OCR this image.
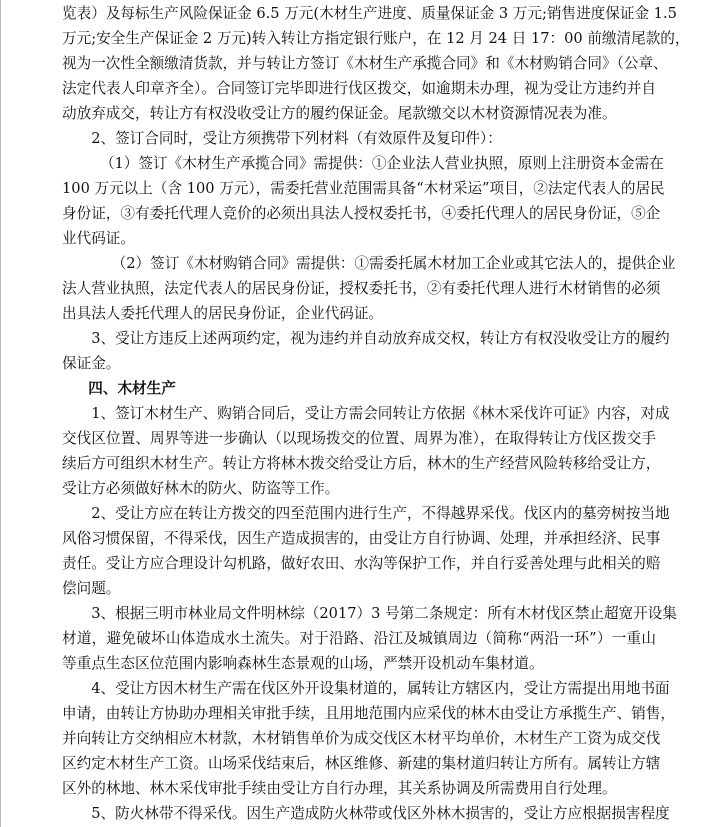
览表）及每标生产风险保证金 6.5 万元(木材生产进度、质量保证金 3 万元;销售进度保证金 1.5
万元;安全生产保证金 2 万元)转入转让方指定银行账户，在 12 月 24 日 17：00 前缴清尾款的，
视为一次性全额缴清货款，并与转让方签订《木材生产承揽合同》和《木材购销合同》（公章、
法定代表人印章齐全）。合同签订完毕即进行伐区拨交，如逾期未办理，视为受让方违约并自
动放弃成交，转让方有权没收受让方的履约保证金。尾款缴交以木材资源情况表为准。
2、签订合同时，受让方须携带下列材料（有效原件及复印件）：
（1）签订《木材生产承揽合同》需提供：①企业法人营业执照，原则上注册资本金需在
100 万元以上（含 100 万元），需委托营业范围需具备“木材采运”项目，②法定代表人的居民
身份证，③有委托代理人竞价的必须出具法人授权委托书，④委托代理人的居民身份证，⑤企
业代码证。
（2）签订《木材购销合同》需提供：①需委托属木材加工企业或其它法人的，提供企业
法人营业执照，法定代表人的居民身份证，授权委托书，②有委托代理人进行木材销售的必须
出具法人委托代理人的居民身份证，企业代码证。
3、受让方违反上述两项约定，视为违约并自动放弃成交权，转让方有权没收受让方的履约
保证金。
四、木材生产
1、签订木材生产、购销合同后，受让方需会同转让方依据《林木采伐许可证》内容，对成
交伐区位置、周界等进一步确认（以现场拨交的位置、周界为准），在取得转让方伐区拨交手
续后方可组织木材生产。转让方将林木拨交给受让方后，林木的生产经营风险转移给受让方，
受让方必须做好林木的防火、防盗等工作。
2、受让方应在转让方拨交的四至范围内进行生产，不得越界采伐。伐区内的墓旁树按当地
风俗习惯保留，不得采伐，因生产造成损害的，由受让方自行协调、处理，并承担经济、民事
责任。受让方应合理设计勾机路，做好农田、水沟等保护工作，并自行妥善处理与此相关的赔
偿问题。
3、根据三明市林业局文件明林综（2017）3 号第二条规定：所有木材伐区禁止超宽开设集
材道，避免破坏山体造成水土流失。对于沿路、沿江及城镇周边（简称“两沿一环”）一重山
等重点生态区位范围内影响森林生态景观的山场，严禁开设机动车集材道。
4、受让方因木材生产需在伐区外开设集材道的，属转让方辖区内，受让方需提出用地书面
申请，由转让方协助办理相关审批手续，且用地范围内应采伐的林木由受让方承揽生产、销售，
并向转让方交纳相应木材款，木材销售单价为成交伐区木材平均单价，木材生产工资为成交伐
区约定木材生产工资。山场采伐结束后，林区维修、新建的集材道归转让方所有。属转让方辖
区外的林地、林木采伐审批手续由受让方自行办理，其关系协调及所需费用自行处理。
5、防火林带不得采伐。因生产造成防火林带或伐区外林木损害的，受让方应根据损害程度
